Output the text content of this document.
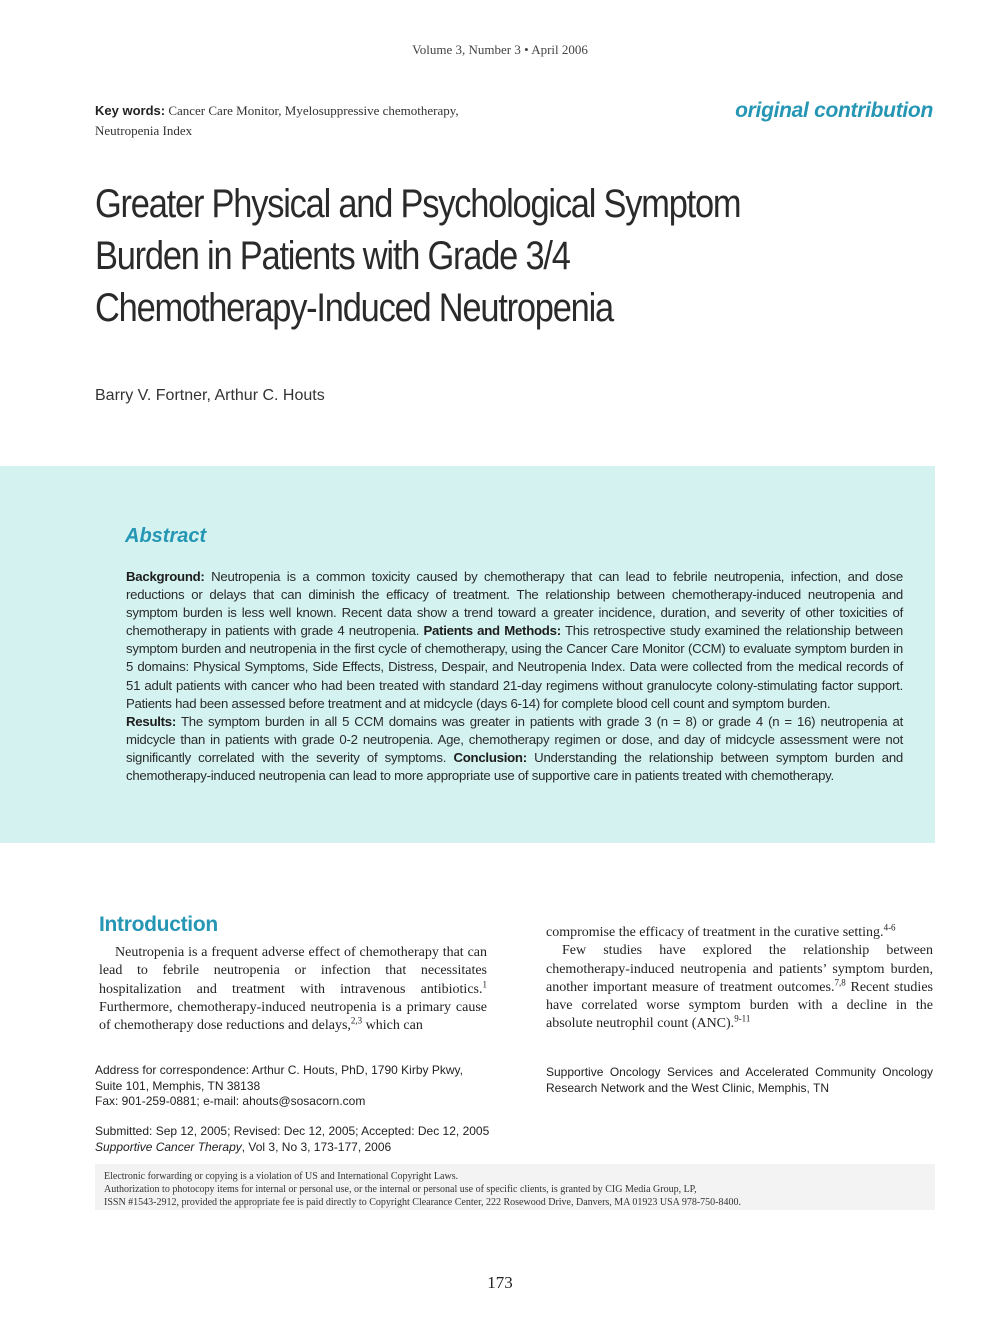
Volume 3, Number 3 • April 2006
Key words: Cancer Care Monitor, Myelosuppressive chemotherapy,
Neutropenia Index
original contribution
Greater Physical and Psychological Symptom
Burden in Patients with Grade 3/4
Chemotherapy-Induced Neutropenia
Barry V. Fortner, Arthur C. Houts
Abstract
Background: Neutropenia is a common toxicity caused by chemotherapy that can lead to febrile neutropenia, infection, and dose reductions or delays that can diminish the efficacy of treatment. The relationship between chemotherapy-induced neutropenia and symptom burden is less well known. Recent data show a trend toward a greater incidence, duration, and severity of other toxicities of chemotherapy in patients with grade 4 neutropenia. Patients and Methods: This retrospective study examined the relationship between symptom burden and neutropenia in the first cycle of chemotherapy, using the Cancer Care Monitor (CCM) to evaluate symptom burden in 5 domains: Physical Symptoms, Side Effects, Distress, Despair, and Neutropenia Index. Data were collected from the medical records of 51 adult patients with cancer who had been treated with standard 21-day regimens without granulocyte colony-stimulating factor support. Patients had been assessed before treatment and at midcycle (days 6-14) for complete blood cell count and symptom burden.
Results: The symptom burden in all 5 CCM domains was greater in patients with grade 3 (n = 8) or grade 4 (n = 16) neutropenia at midcycle than in patients with grade 0-2 neutropenia. Age, chemotherapy regimen or dose, and day of midcycle assessment were not significantly correlated with the severity of symptoms. Conclusion: Understanding the relationship between symptom burden and chemotherapy-induced neutropenia can lead to more appropriate use of supportive care in patients treated with chemotherapy.
Introduction

Neutropenia is a frequent adverse effect of chemotherapy that can lead to febrile neutropenia or infection that necessitates hospitalization and treatment with intravenous antibiotics.$^1$ Furthermore, chemotherapy-induced neutropenia is a primary cause of chemotherapy dose reductions and delays,$^{2,3}$ which can

compromise the efficacy of treatment in the curative setting.$^{4-6}$

Few studies have explored the relationship between chemotherapy-induced neutropenia and patients’ symptom burden, another important measure of treatment outcomes.$^{7,8}$ Recent studies have correlated worse symptom burden with a decline in the absolute neutrophil count (ANC).$^{9-11}$

Address for correspondence: Arthur C. Houts, PhD, 1790 Kirby Pkwy,
Suite 101, Memphis, TN 38138
Fax: 901-259-0881; e-mail: ahouts@sosacorn.com
Supportive Oncology Services and Accelerated Community Oncology Research Network and the West Clinic, Memphis, TN
Submitted: Sep 12, 2005; Revised: Dec 12, 2005; Accepted: Dec 12, 2005
Supportive Cancer Therapy, Vol 3, No 3, 173-177, 2006
Electronic forwarding or copying is a violation of US and International Copyright Laws.
Authorization to photocopy items for internal or personal use, or the internal or personal use of specific clients, is granted by CIG Media Group, LP,
ISSN #1543-2912, provided the appropriate fee is paid directly to Copyright Clearance Center, 222 Rosewood Drive, Danvers, MA 01923 USA 978-750-8400.
173
